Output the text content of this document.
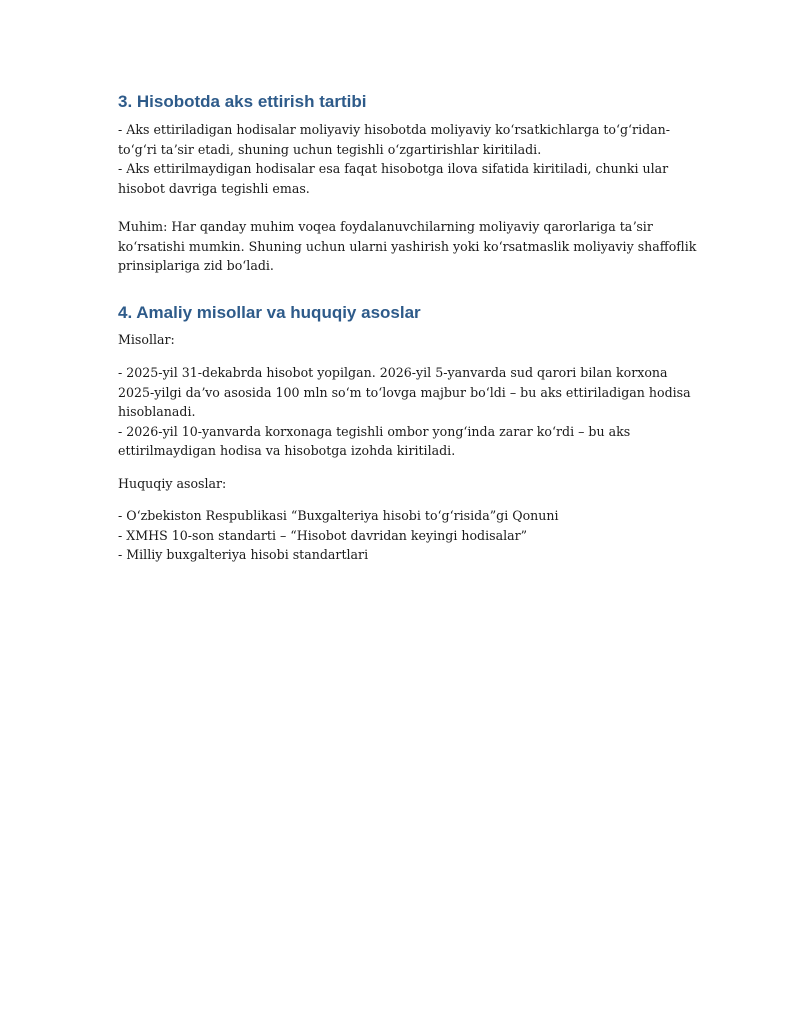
3. Hisobotda aks ettirish tartibi

- Aks ettiriladigan hodisalar moliyaviy hisobotda moliyaviy koʻrsatkichlarga toʻgʻridan-

toʻgʻri taʼsir etadi, shuning uchun tegishli oʻzgartirishlar kiritiladi.

- Aks ettirilmaydigan hodisalar esa faqat hisobotga ilova sifatida kiritiladi, chunki ular

hisobot davriga tegishli emas.

Muhim: Har qanday muhim voqea foydalanuvchilarning moliyaviy qarorlariga taʼsir

koʻrsatishi mumkin. Shuning uchun ularni yashirish yoki koʻrsatmaslik moliyaviy shaffoflik

prinsiplariga zid boʻladi.

4. Amaliy misollar va huquqiy asoslar

Misollar:

- 2025-yil 31-dekabrda hisobot yopilgan. 2026-yil 5-yanvarda sud qarori bilan korxona

2025-yilgi daʼvo asosida 100 mln soʻm toʻlovga majbur boʻldi – bu aks ettiriladigan hodisa

hisoblanadi.

- 2026-yil 10-yanvarda korxonaga tegishli ombor yongʻinda zarar koʻrdi – bu aks

ettirilmaydigan hodisa va hisobotga izohda kiritiladi.

Huquqiy asoslar:

- Oʻzbekiston Respublikasi “Buxgalteriya hisobi toʻgʻrisida”gi Qonuni

- XMHS 10-son standarti – “Hisobot davridan keyingi hodisalar”

- Milliy buxgalteriya hisobi standartlari
